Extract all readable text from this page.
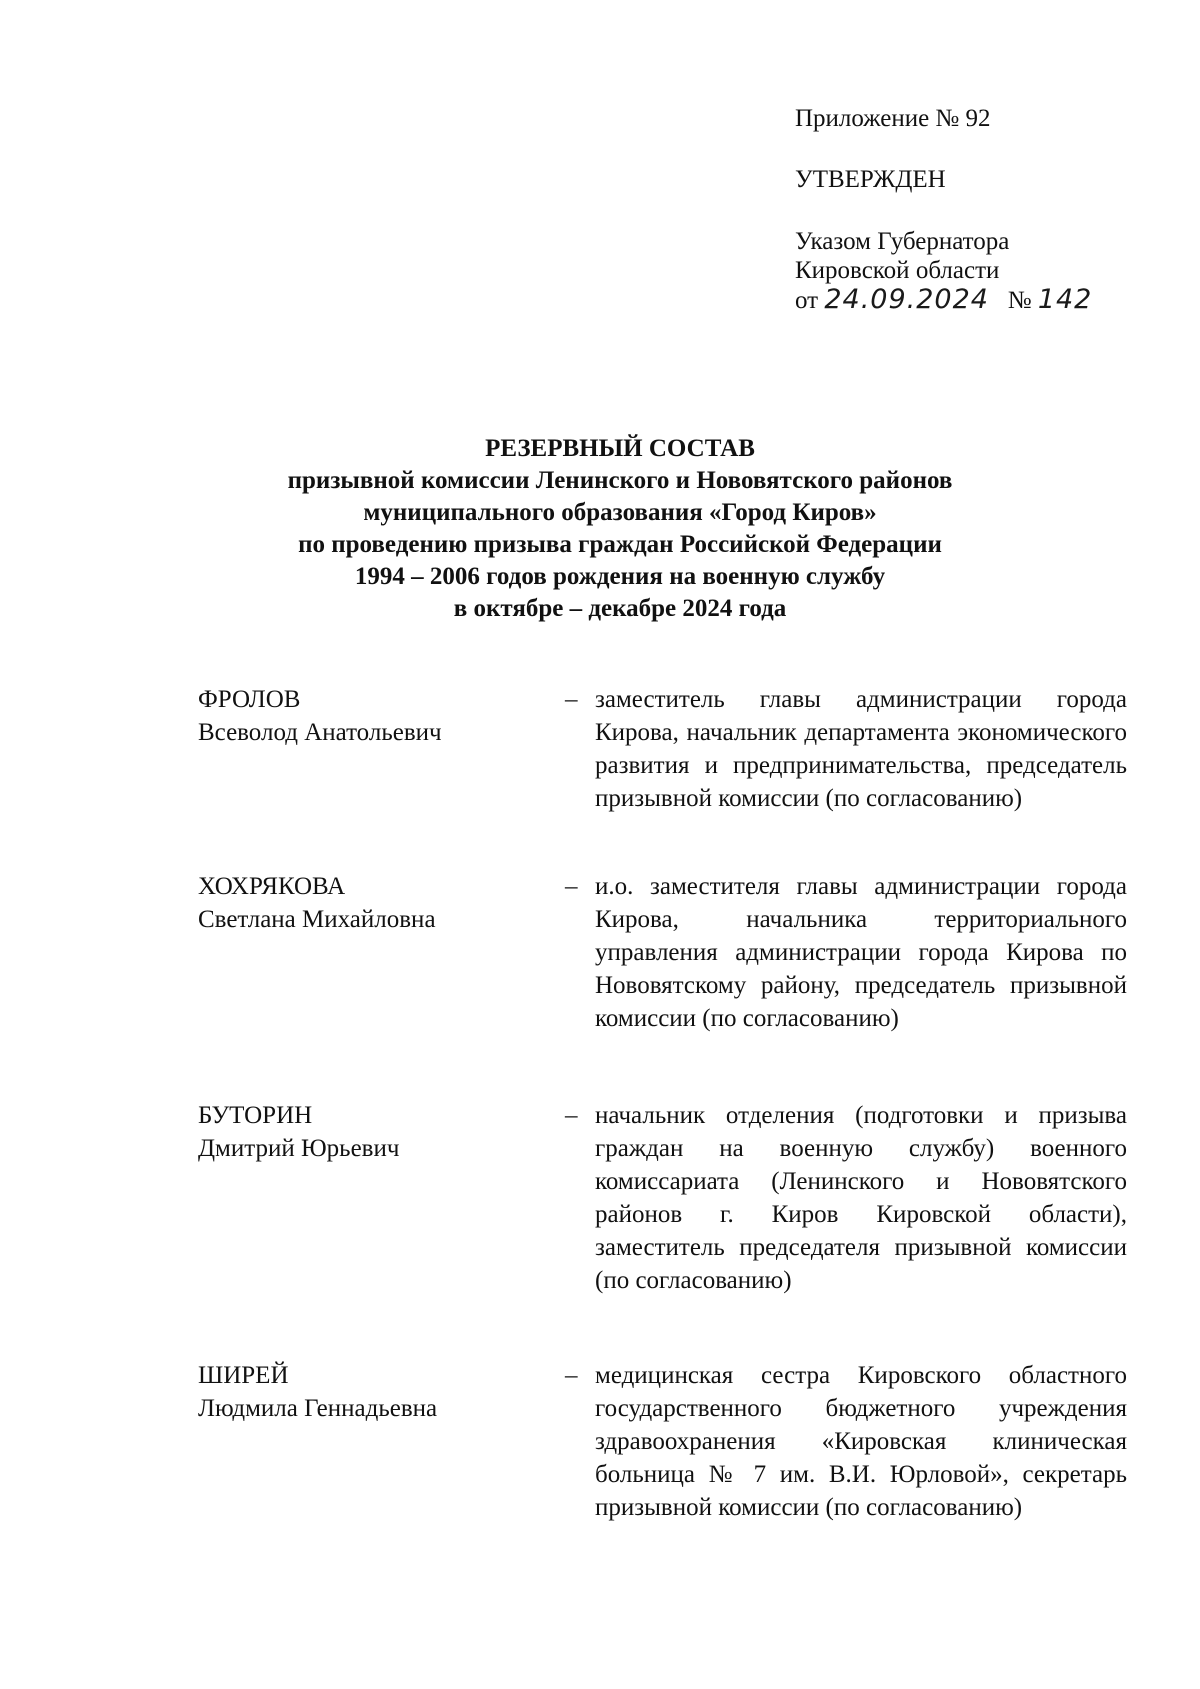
Приложение № 92

УТВЕРЖДЕН

Указом Губернатора

Кировской области

от 24.09.2024 № 142

РЕЗЕРВНЫЙ СОСТАВ
призывной комиссии Ленинского и Нововятского районов
муниципального образования «Город Киров»
по проведению призыва граждан Российской Федерации
1994 – 2006 годов рождения на военную службу
в октябре – декабре 2024 года
ФРОЛОВ
Всеволод Анатольевич
– заместитель главы администрации города Кирова, начальник департамента экономического развития и предпринимательства, председатель призывной комиссии (по согласованию)
ХОХРЯКОВА
Светлана Михайловна
– и.о. заместителя главы администрации города Кирова, начальника территориального управления администрации города Кирова по Нововятскому району, председатель призывной комиссии (по согласованию)
БУТОРИН
Дмитрий Юрьевич
– начальник отделения (подготовки и призыва граждан на военную службу) военного комиссариата (Ленинского и Нововятского районов г. Киров Кировской области), заместитель председателя призывной комиссии (по согласованию)
ШИРЕЙ
Людмила Геннадьевна
– медицинская сестра Кировского областного государственного бюджетного учреждения здравоохранения «Кировская клиническая больница № 7 им. В.И. Юрловой», секретарь призывной комиссии (по согласованию)
